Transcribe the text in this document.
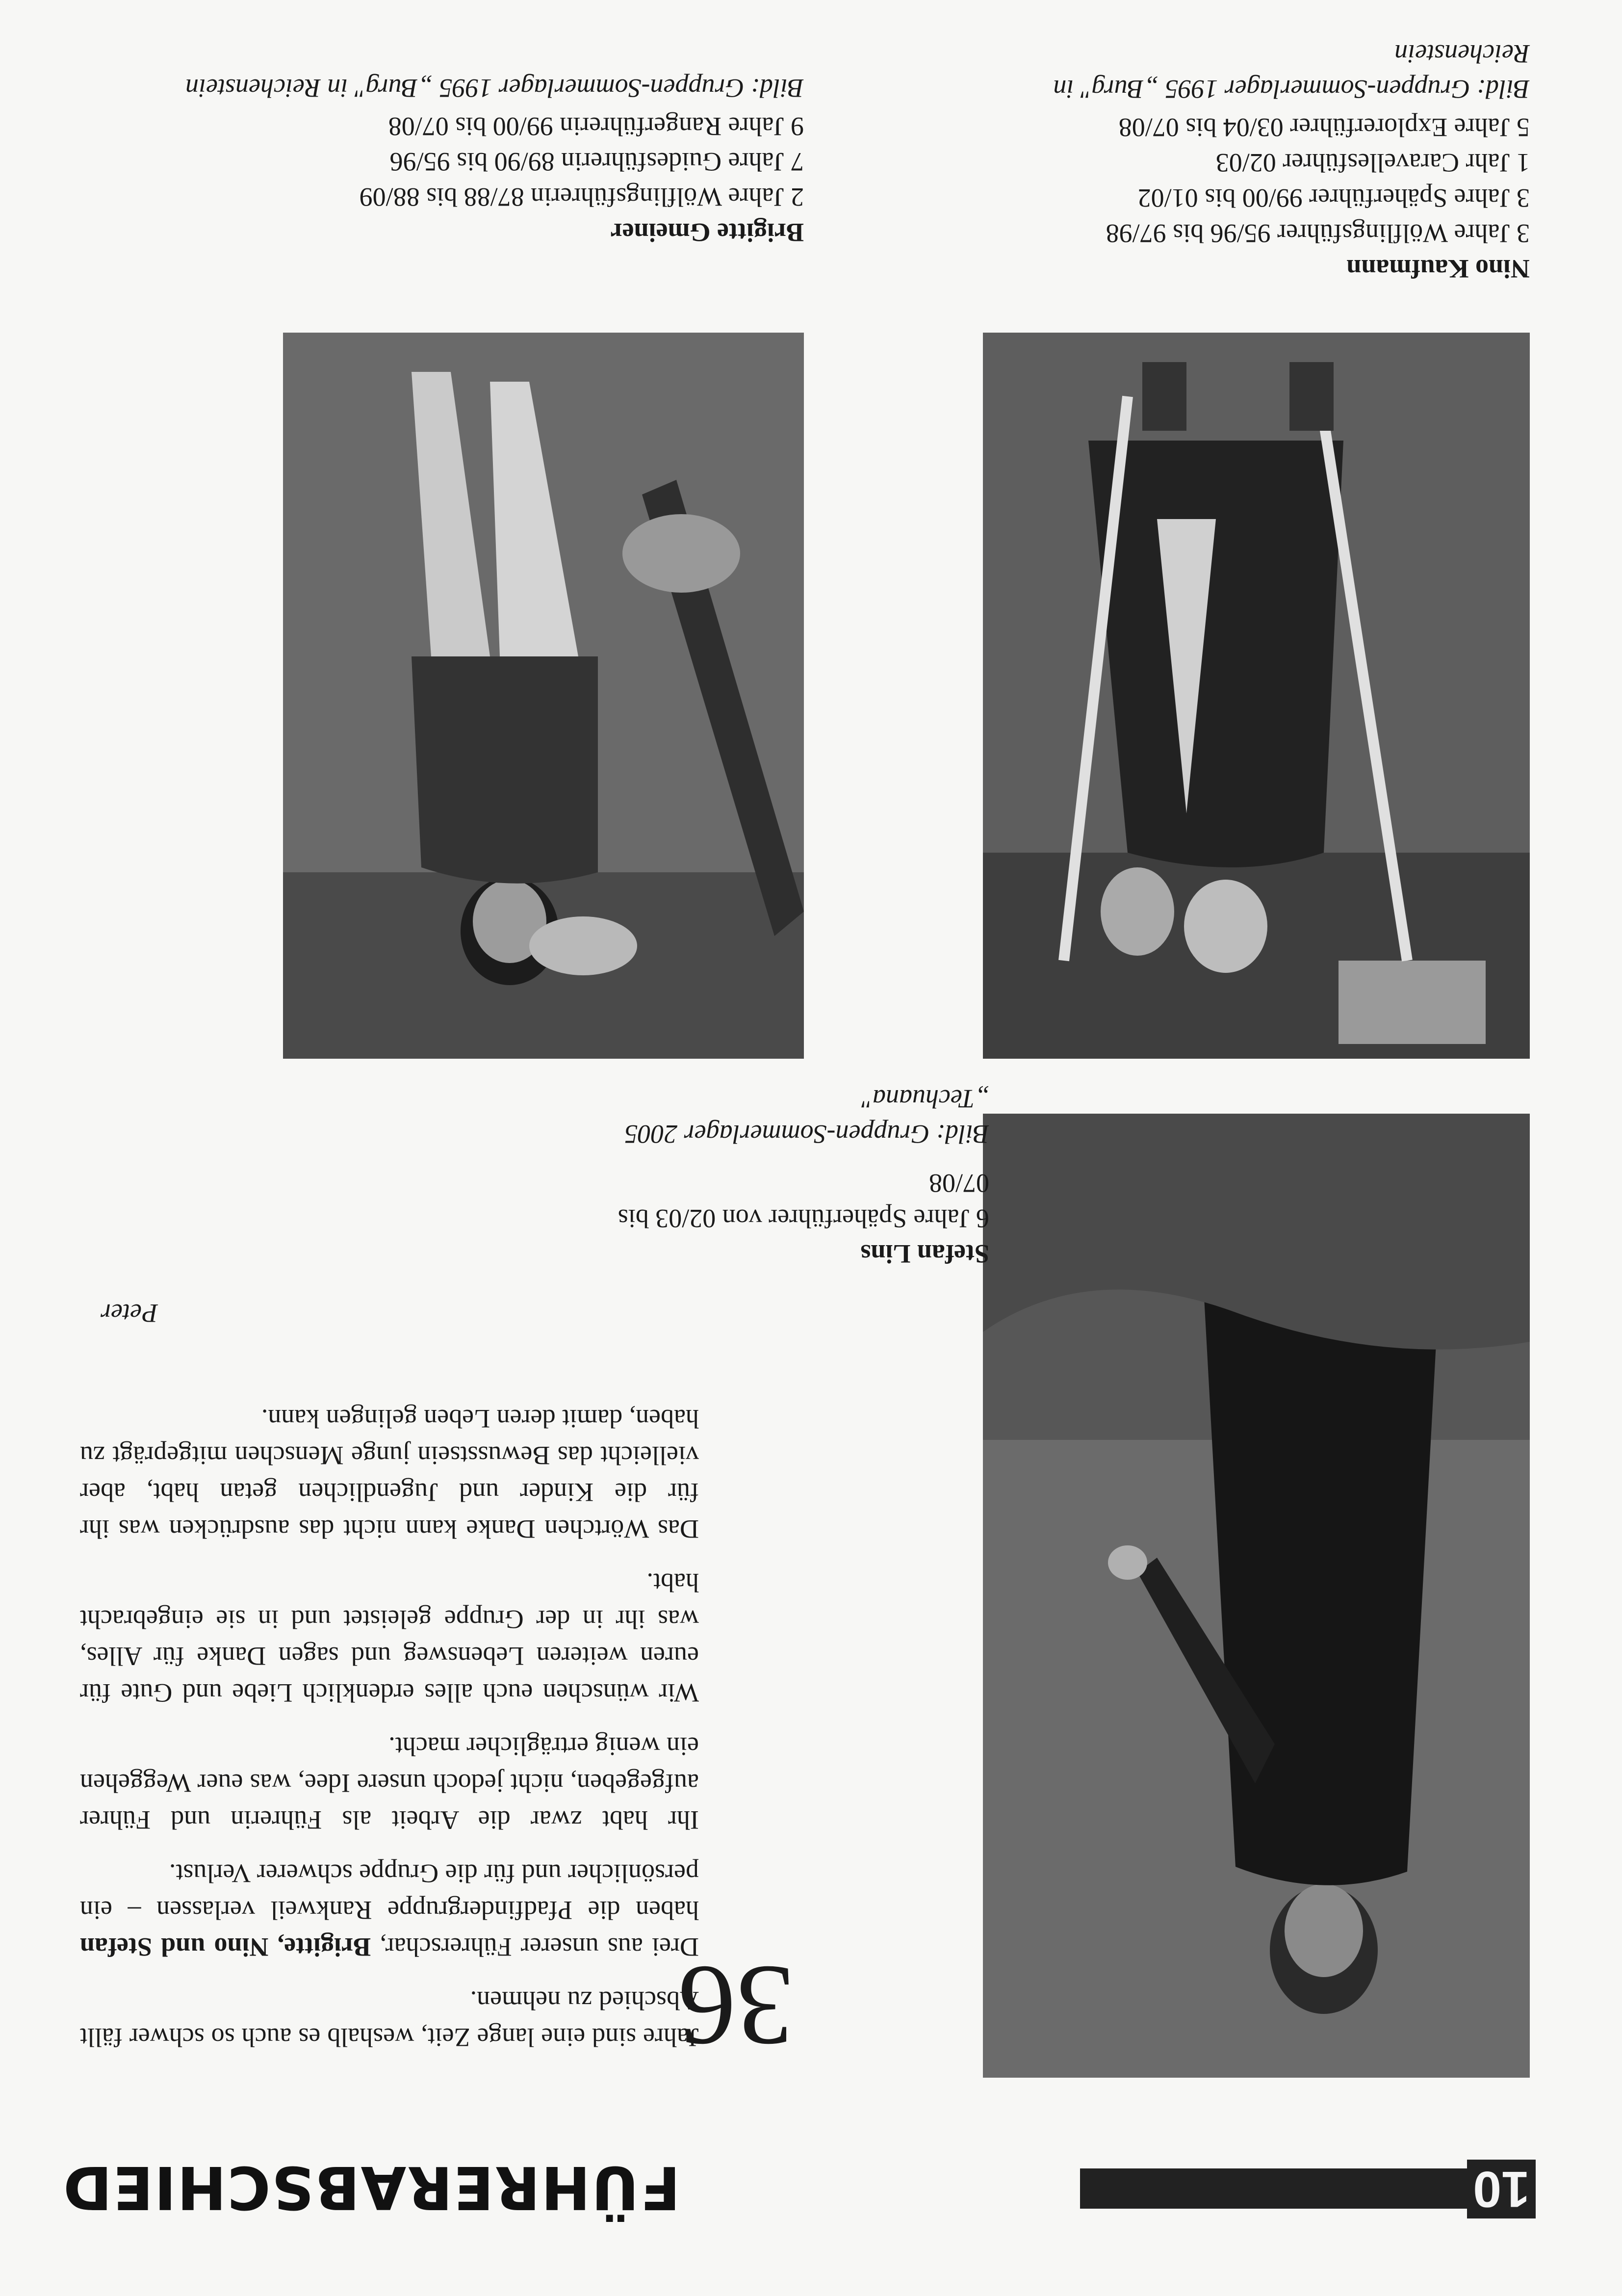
10
FÜHRERABSCHIED
36

Jahre sind eine lange Zeit, weshalb es auch so schwer fällt Abschied zu nehmen.

Drei aus unserer Führerschar, Brigitte, Nino und Stefan haben die Pfadfindergruppe Rankweil verlassen – ein persönlicher und für die Gruppe schwerer Verlust.

Ihr habt zwar die Arbeit als Führerin und Führer aufgegeben, nicht jedoch unsere Idee, was euer Weggehen ein wenig erträglicher macht.

Wir wünschen euch alles erdenklich Liebe und Gute für euren weiteren Lebensweg und sagen Danke für Alles, was ihr in der Gruppe geleistet und in sie eingebracht habt.

Das Wörtchen Danke kann nicht das ausdrücken was ihr für die Kinder und Jugendlichen getan habt, aber vielleicht das Bewusstsein junge Menschen mitgeprägt zu haben, damit deren Leben gelingen kann.

Peter
Stefan Lins
6 Jahre Späherführer von 02/03 bis 07/08
Bild: Gruppen-Sommerlager 2005 „Techuana"
Nino Kaufmann
3 Jahre Wölflingsführer 95/96 bis 97/98
3 Jahre Späherführer 99/00 bis 01/02
1 Jahr Caravellesführer 02/03
5 Jahre Explorerführer 03/04 bis 07/08
Bild: Gruppen-Sommerlager 1995 „Burg" in Reichenstein
Brigitte Gmeiner
2 Jahre Wölflingsführerin 87/88 bis 88/09
7 Jahre Guidesführerin 89/90 bis 95/96
9 Jahre Rangerführerin 99/00 bis 07/08
Bild: Gruppen-Sommerlager 1995 „Burg" in Reichenstein
